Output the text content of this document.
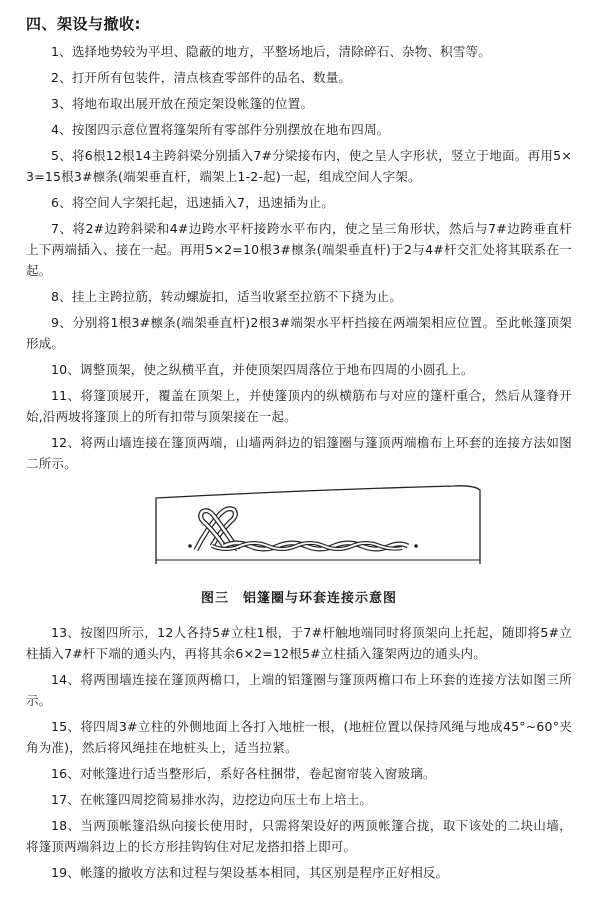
四、架设与撤收:

1、选择地势较为平坦、隐蔽的地方，平整场地后，清除碎石、杂物、积雪等。

2、打开所有包装件，清点核查零部件的品名、数量。

3、将地布取出展开放在预定架设帐篷的位置。

4、按图四示意位置将篷架所有零部件分别摆放在地布四周。

5、将6根12根14主跨斜梁分别插入7#分梁接布内，使之呈人字形状，竖立于地面。再用5×3=15根3#檩条(端架垂直杆，端架上1-2-起)一起，组成空间人字架。

6、将空间人字架托起，迅速插入7，迅速插为止。

7、将2#边跨斜梁和4#边跨水平杆接跨水平布内，使之呈三角形状，然后与7#边跨垂直杆上下两端插入、接在一起。再用5×2=10根3#檩条(端架垂直杆)于2与4#杆交汇处将其联系在一起。

8、挂上主跨拉筋，转动螺旋扣，适当收紧至拉筋不下挠为止。

9、分别将1根3#檩条(端架垂直杆)2根3#端架水平杆挡接在两端架相应位置。至此帐篷顶架形成。

10、调整顶架，使之纵横平直，并使顶架四周落位于地布四周的小圆孔上。

11、将篷顶展开，覆盖在顶架上，并使篷顶内的纵横筋布与对应的篷杆重合，然后从篷脊开始,沿两坡将篷顶上的所有扣带与顶架接在一起。

12、将两山墙连接在篷顶两端，山墙两斜边的铝篷圈与篷顶两端檐布上环套的连接方法如图二所示。

图三　铝篷圈与环套连接示意图

13、按图四所示，12人各持5#立柱1根，于7#杆触地端同时将顶架向上托起，随即将5#立柱插入7#杆下端的通头内，再将其余6×2=12根5#立柱插入篷架两边的通头内。

14、将两围墙连接在篷顶两檐口，上端的铝篷圈与篷顶两檐口布上环套的连接方法如图三所示。

15、将四周3#立柱的外侧地面上各打入地桩一根，(地桩位置以保持风绳与地成45°~60°夹角为准)，然后将风绳挂在地桩头上，适当拉紧。

16、对帐篷进行适当整形后，系好各柱捆带，卷起窗帘装入窗玻璃。

17、在帐篷四周挖简易排水沟，边挖边向压土布上培土。

18、当两顶帐篷沿纵向接长使用时，只需将架设好的两顶帐篷合拢，取下该处的二块山墙，将篷顶两端斜边上的长方形挂钩钩住对尼龙搭扣搭上即可。

19、帐篷的撤收方法和过程与架设基本相同，其区别是程序正好相反。
